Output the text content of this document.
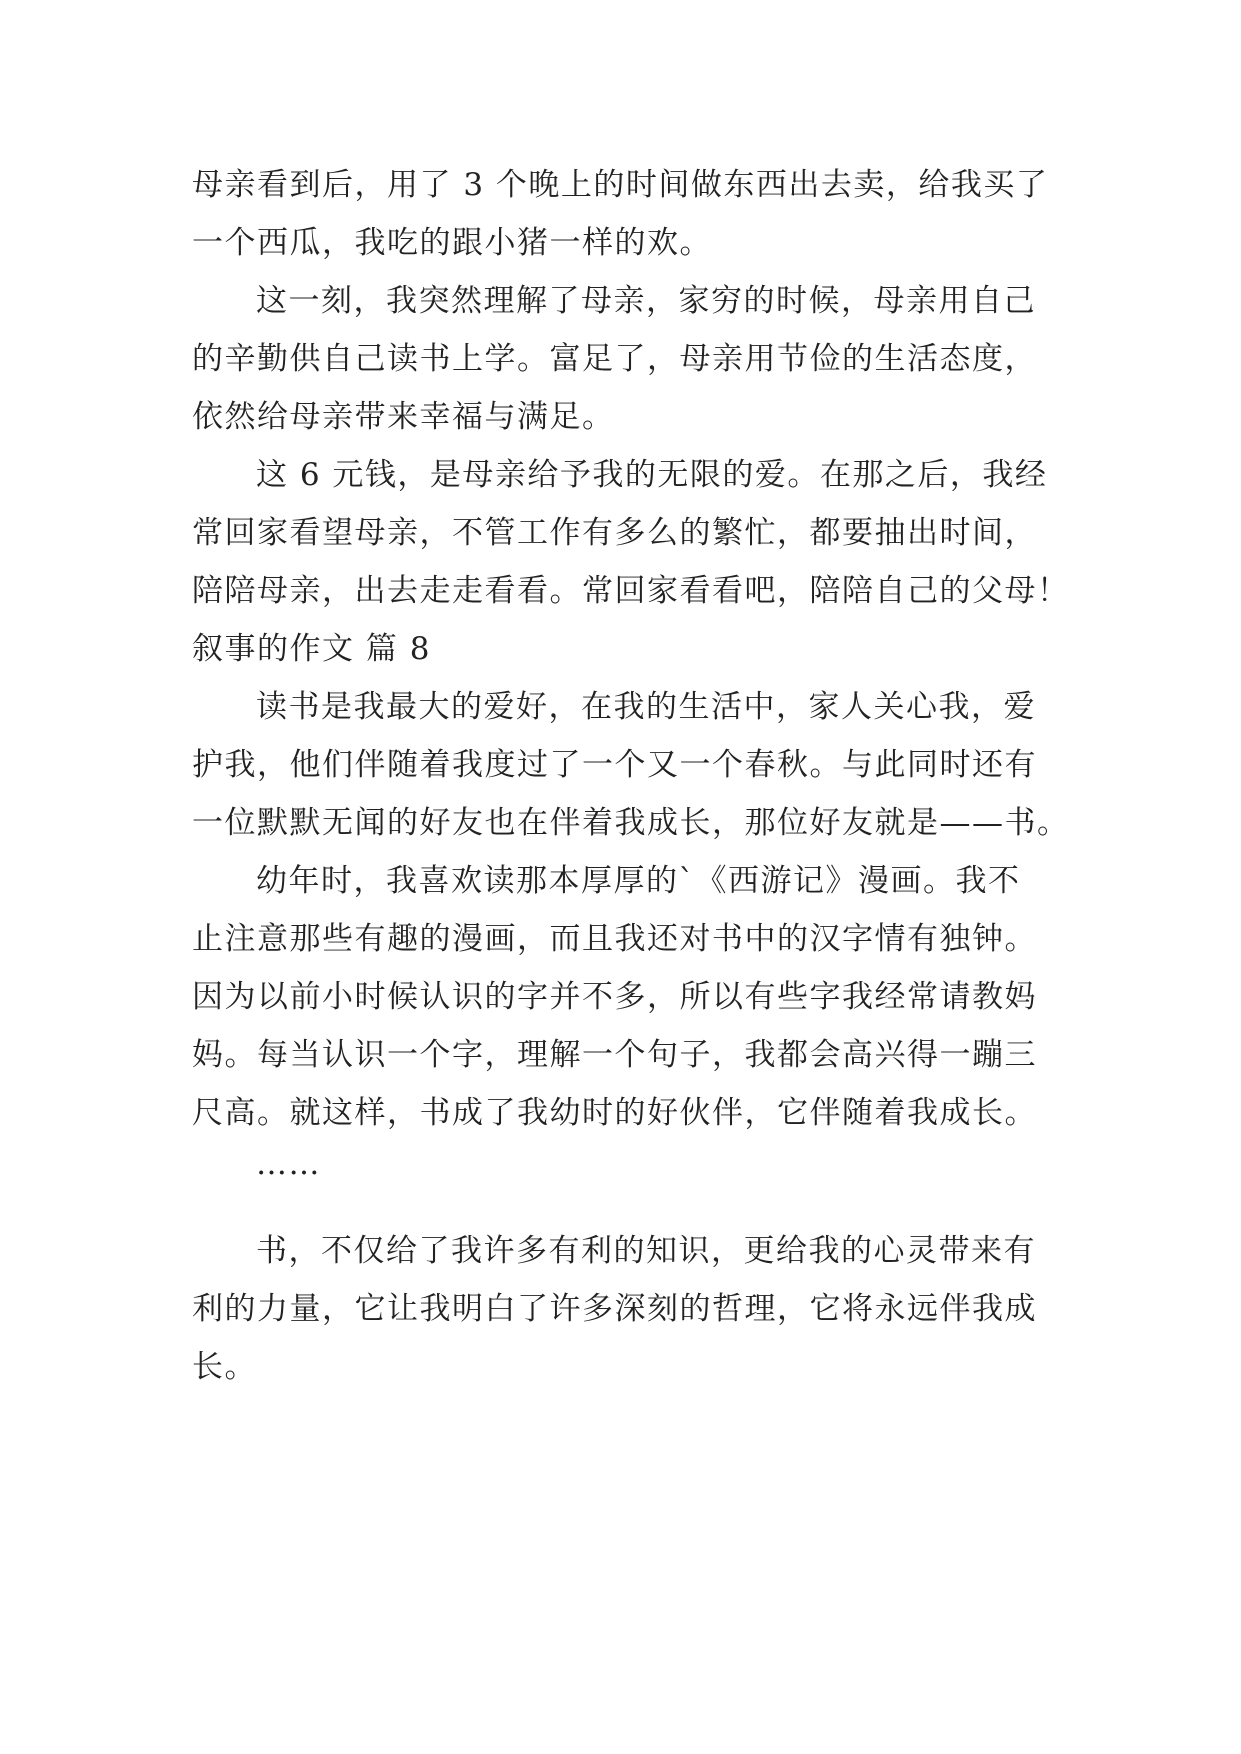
母亲看到后，用了 3 个晚上的时间做东西出去卖，给我买了
一个西瓜，我吃的跟小猪一样的欢。
这一刻，我突然理解了母亲，家穷的时候，母亲用自己
的辛勤供自己读书上学。富足了，母亲用节俭的生活态度，
依然给母亲带来幸福与满足。
这 6 元钱，是母亲给予我的无限的爱。在那之后，我经
常回家看望母亲，不管工作有多么的繁忙，都要抽出时间，
陪陪母亲，出去走走看看。常回家看看吧，陪陪自己的父母！
叙事的作文 篇 8
读书是我最大的爱好，在我的生活中，家人关心我，爱
护我，他们伴随着我度过了一个又一个春秋。与此同时还有
一位默默无闻的好友也在伴着我成长，那位好友就是——书。
幼年时，我喜欢读那本厚厚的`《西游记》漫画。我不
止注意那些有趣的漫画，而且我还对书中的汉字情有独钟。
因为以前小时候认识的字并不多，所以有些字我经常请教妈
妈。每当认识一个字，理解一个句子，我都会高兴得一蹦三
尺高。就这样，书成了我幼时的好伙伴，它伴随着我成长。
……
书，不仅给了我许多有利的知识，更给我的心灵带来有
利的力量，它让我明白了许多深刻的哲理，它将永远伴我成
长。
